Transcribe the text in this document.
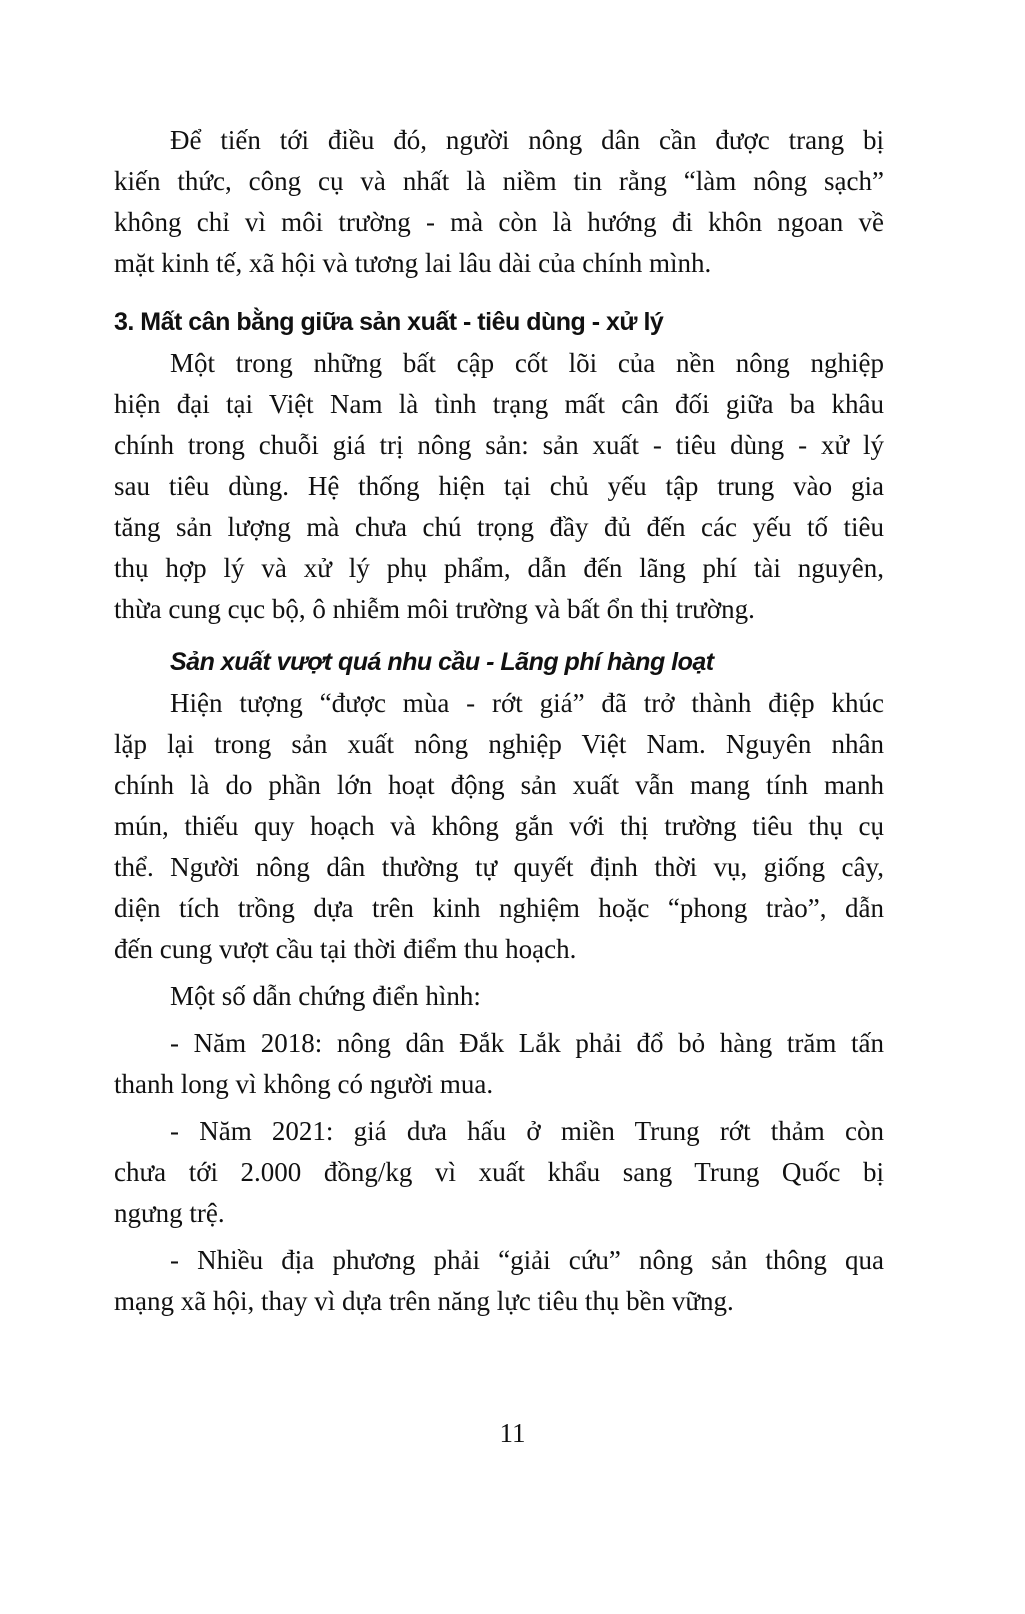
Để tiến tới điều đó, người nông dân cần được trang bị
kiến thức, công cụ và nhất là niềm tin rằng “làm nông sạch”
không chỉ vì môi trường - mà còn là hướng đi khôn ngoan về
mặt kinh tế, xã hội và tương lai lâu dài của chính mình.
3. Mất cân bằng giữa sản xuất - tiêu dùng - xử lý
Một trong những bất cập cốt lõi của nền nông nghiệp
hiện đại tại Việt Nam là tình trạng mất cân đối giữa ba khâu
chính trong chuỗi giá trị nông sản: sản xuất - tiêu dùng - xử lý
sau tiêu dùng. Hệ thống hiện tại chủ yếu tập trung vào gia
tăng sản lượng mà chưa chú trọng đầy đủ đến các yếu tố tiêu
thụ hợp lý và xử lý phụ phẩm, dẫn đến lãng phí tài nguyên,
thừa cung cục bộ, ô nhiễm môi trường và bất ổn thị trường.
Sản xuất vượt quá nhu cầu - Lãng phí hàng loạt
Hiện tượng “được mùa - rớt giá” đã trở thành điệp khúc
lặp lại trong sản xuất nông nghiệp Việt Nam. Nguyên nhân
chính là do phần lớn hoạt động sản xuất vẫn mang tính manh
mún, thiếu quy hoạch và không gắn với thị trường tiêu thụ cụ
thể. Người nông dân thường tự quyết định thời vụ, giống cây,
diện tích trồng dựa trên kinh nghiệm hoặc “phong trào”, dẫn
đến cung vượt cầu tại thời điểm thu hoạch.
Một số dẫn chứng điển hình:
- Năm 2018: nông dân Đắk Lắk phải đổ bỏ hàng trăm tấn
thanh long vì không có người mua.
- Năm 2021: giá dưa hấu ở miền Trung rớt thảm còn
chưa tới 2.000 đồng/kg vì xuất khẩu sang Trung Quốc bị
ngưng trệ.
- Nhiều địa phương phải “giải cứu” nông sản thông qua
mạng xã hội, thay vì dựa trên năng lực tiêu thụ bền vững.
11
